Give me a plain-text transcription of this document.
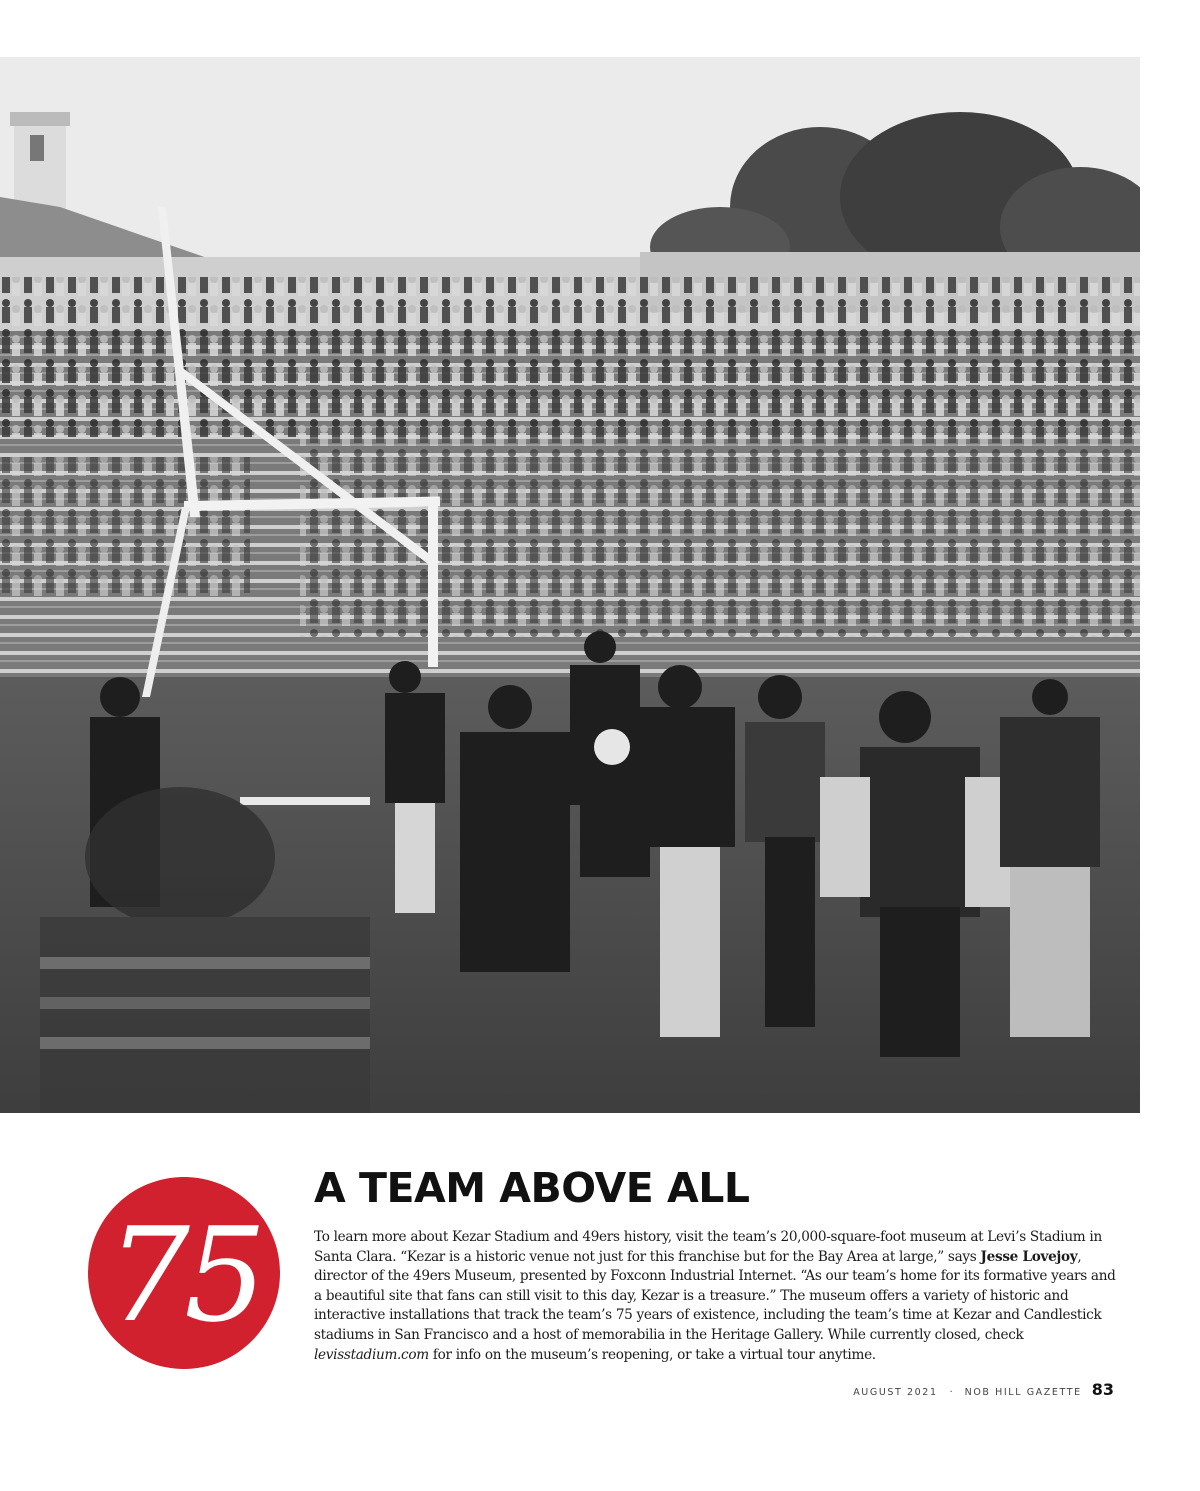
75
A TEAM ABOVE ALL

To learn more about Kezar Stadium and 49ers history, visit the team’s 20,000-square-foot museum at Levi’s Stadium in Santa Clara. “Kezar is a historic venue not just for this franchise but for the Bay Area at large,” says Jesse Lovejoy, director of the 49ers Museum, presented by Foxconn Industrial Internet. “As our team’s home for its formative years and a beautiful site that fans can still visit to this day, Kezar is a treasure.” The museum offers a variety of historic and interactive installations that track the team’s 75 years of existence, including the team’s time at Kezar and Candlestick stadiums in San Francisco and a host of memorabilia in the Heritage Gallery. While currently closed, check levisstadium.com for info on the museum’s reopening, or take a virtual tour anytime.

AUGUST 2021 · NOB HILL GAZETTE 83
